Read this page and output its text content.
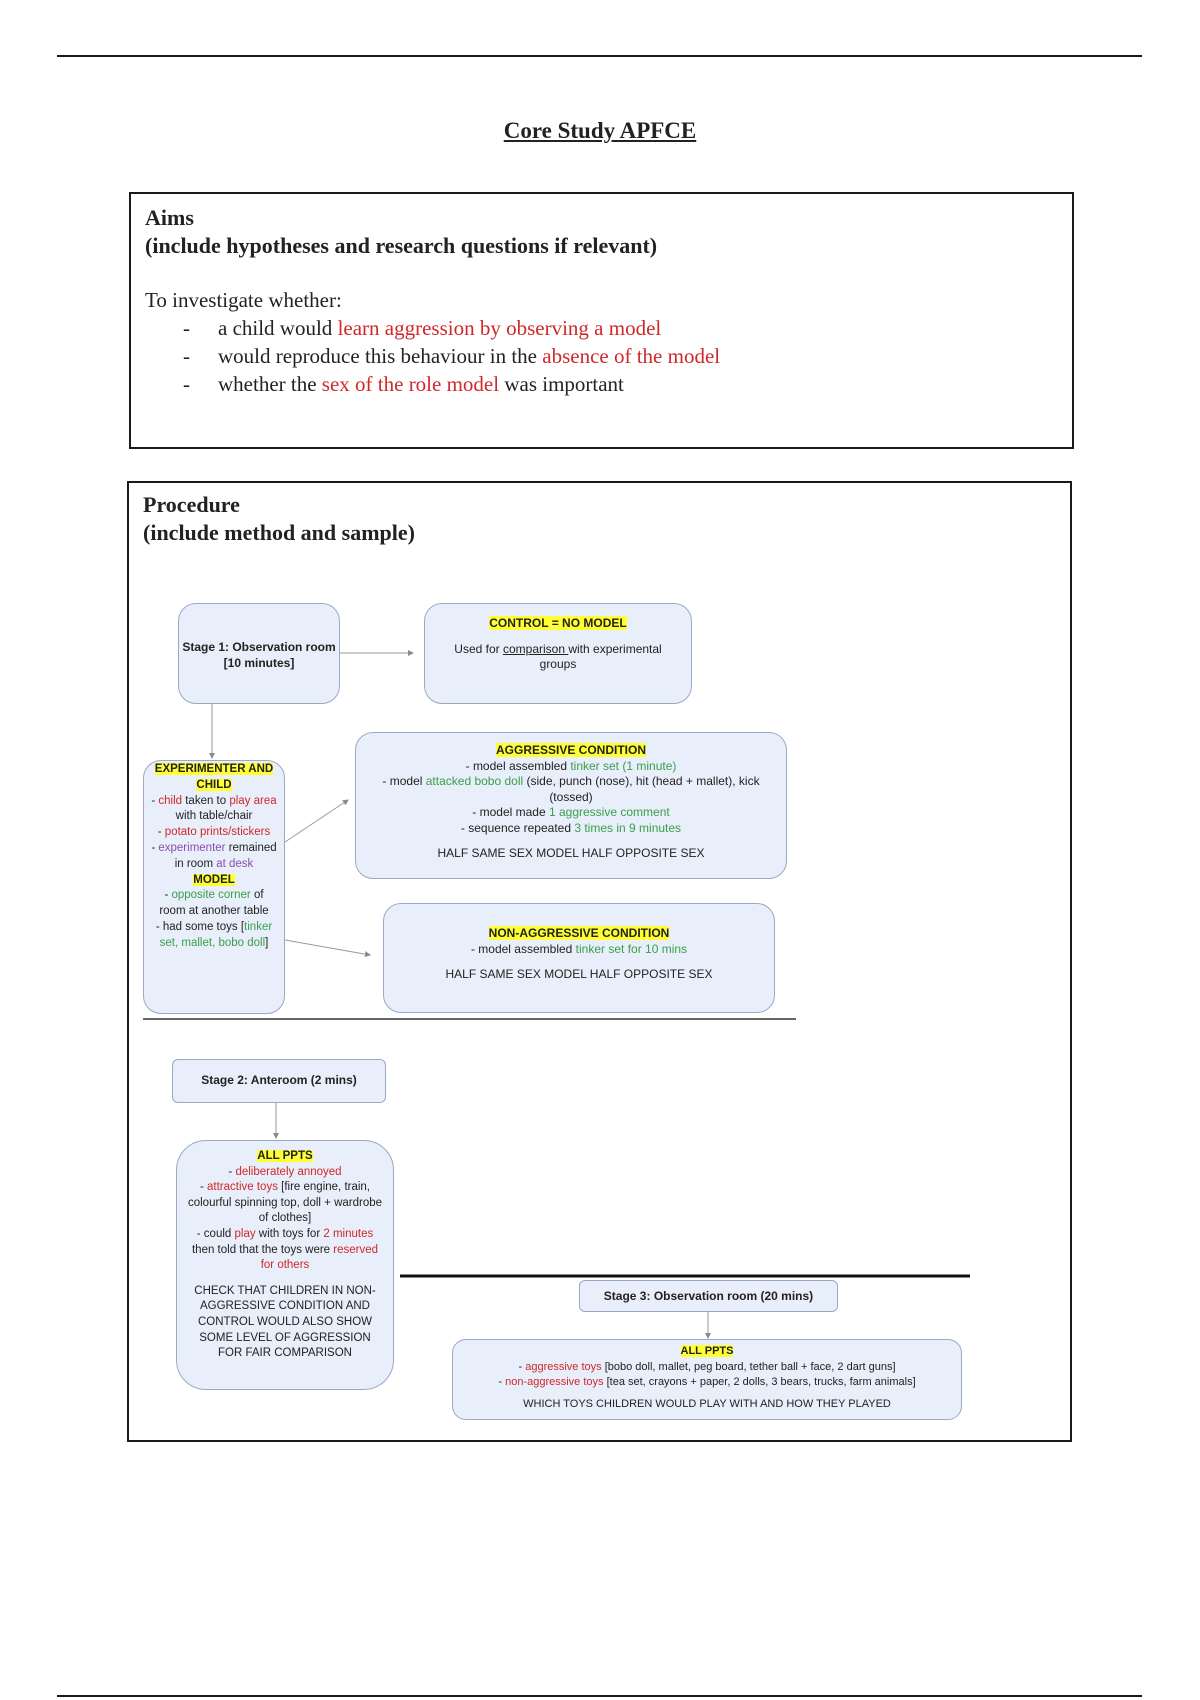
Core Study APFCE
Aims
(include hypotheses and research questions if relevant)
To investigate whether:
- a child would learn aggression by observing a model
- would reproduce this behaviour in the absence of the model
- whether the sex of the role model was important
Procedure
(include method and sample)
Stage 1: Observation room [10 minutes]
CONTROL = NO MODEL
Used for comparison with experimental groups
EXPERIMENTER AND CHILD
- child taken to play area with table/chair
- potato prints/stickers
- experimenter remained in room at desk
MODEL
- opposite corner of room at another table
- had some toys [tinker set, mallet, bobo doll]
AGGRESSIVE CONDITION
- model assembled tinker set (1 minute)
- model attacked bobo doll (side, punch (nose), hit (head + mallet), kick (tossed)
- model made 1 aggressive comment
- sequence repeated 3 times in 9 minutes
HALF SAME SEX MODEL HALF OPPOSITE SEX
NON-AGGRESSIVE CONDITION
- model assembled tinker set for 10 mins
HALF SAME SEX MODEL HALF OPPOSITE SEX
Stage 2: Anteroom (2 mins)
ALL PPTS
- deliberately annoyed
- attractive toys [fire engine, train, colourful spinning top, doll + wardrobe of clothes]
- could play with toys for 2 minutes then told that the toys were reserved for others
CHECK THAT CHILDREN IN NON-AGGRESSIVE CONDITION AND CONTROL WOULD ALSO SHOW SOME LEVEL OF AGGRESSION FOR FAIR COMPARISON
Stage 3: Observation room (20 mins)
ALL PPTS
- aggressive toys [bobo doll, mallet, peg board, tether ball + face, 2 dart guns]
- non-aggressive toys [tea set, crayons + paper, 2 dolls, 3 bears, trucks, farm animals]
WHICH TOYS CHILDREN WOULD PLAY WITH AND HOW THEY PLAYED
